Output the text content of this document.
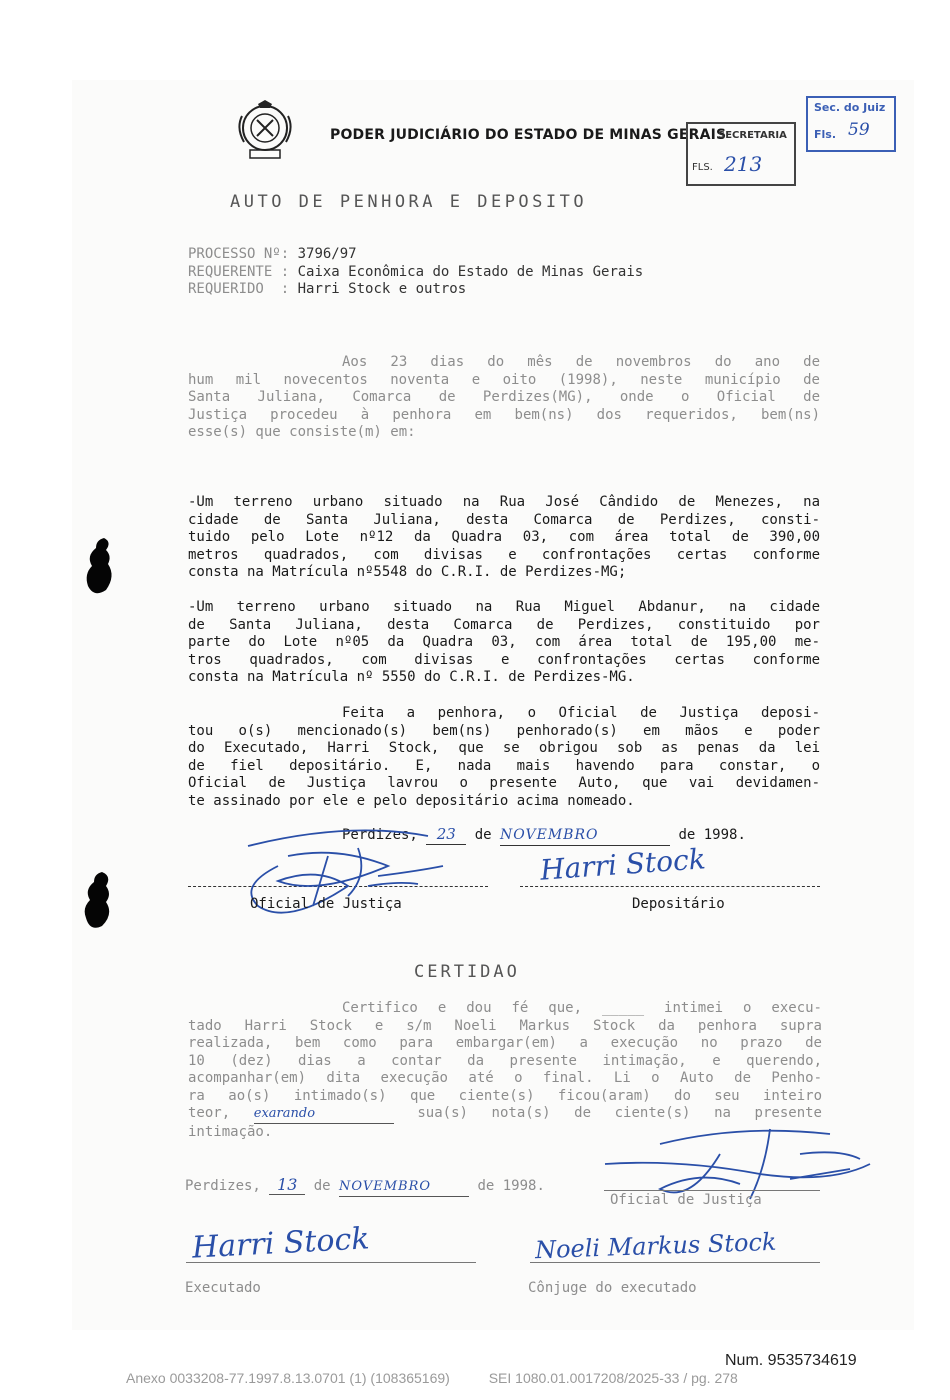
PODER JUDICIÁRIO DO ESTADO DE MINAS GERAIS
SECRETARIA
FLS. 213
Sec. do Juiz
Fls. 59
AUTO DE PENHORA E DEPOSITO
PROCESSO Nº: 3796/97
REQUERENTE : Caixa Econômica do Estado de Minas Gerais
REQUERIDO  : Harri Stock e outros
Aos 23 dias do mês de novembros do ano de
hum mil novecentos noventa e oito (1998), neste município de
Santa Juliana, Comarca de Perdizes(MG), onde o Oficial de
Justiça procedeu à penhora em bem(ns) dos requeridos, bem(ns)
esse(s) que consiste(m) em:
-Um terreno urbano situado na Rua José Cândido de Menezes, na
cidade de Santa Juliana, desta Comarca de Perdizes, consti-
tuido pelo Lote nº12 da Quadra 03, com área total de 390,00
metros quadrados, com divisas e confrontações certas conforme
consta na Matrícula nº5548 do C.R.I. de Perdizes-MG;
-Um terreno urbano situado na Rua Miguel Abdanur, na cidade
de Santa Juliana, desta Comarca de Perdizes, constituido por
parte do Lote nº05 da Quadra 03, com área total de 195,00 me-
tros quadrados, com divisas e confrontações certas conforme
consta na Matrícula nº 5550 do C.R.I. de Perdizes-MG.
Feita a penhora, o Oficial de Justiça deposi-
tou o(s) mencionado(s) bem(ns) penhorado(s) em mãos e poder
do Executado, Harri Stock, que se obrigou sob as penas da lei
de fiel depositário. E, nada mais havendo para constar, o
Oficial de Justiça lavrou o presente Auto, que vai devidamen-
te assinado por ele e pelo depositário acima nomeado.
Perdizes, 23 de NOVEMBRO	de 1998.
Harri Stock
Oficial de Justiça	Depositário
CERTIDAO
Certifico e dou fé que, _____ intimei o execu-
tado Harri Stock e s/m Noeli Markus Stock da penhora supra
realizada, bem como para embargar(em) a execução no prazo de
10 (dez) dias a contar da presente intimação, e querendo,
acompanhar(em) dita execução até o final. Li o Auto de Penho-
ra ao(s) intimado(s) que ciente(s) ficou(aram) do seu inteiro
teor, exarando	sua(s) nota(s) de ciente(s) na presente
intimação.
Perdizes, 13 de NOVEMBRO	de 1998.
Oficial de Justiça
Harri Stock	Noeli Markus Stock
Executado	Cônjuge do executado
Num. 9535734619
Anexo 0033208-77.1997.8.13.0701 (1) (108365169)          SEI 1080.01.0017208/2025-33 / pg. 278
